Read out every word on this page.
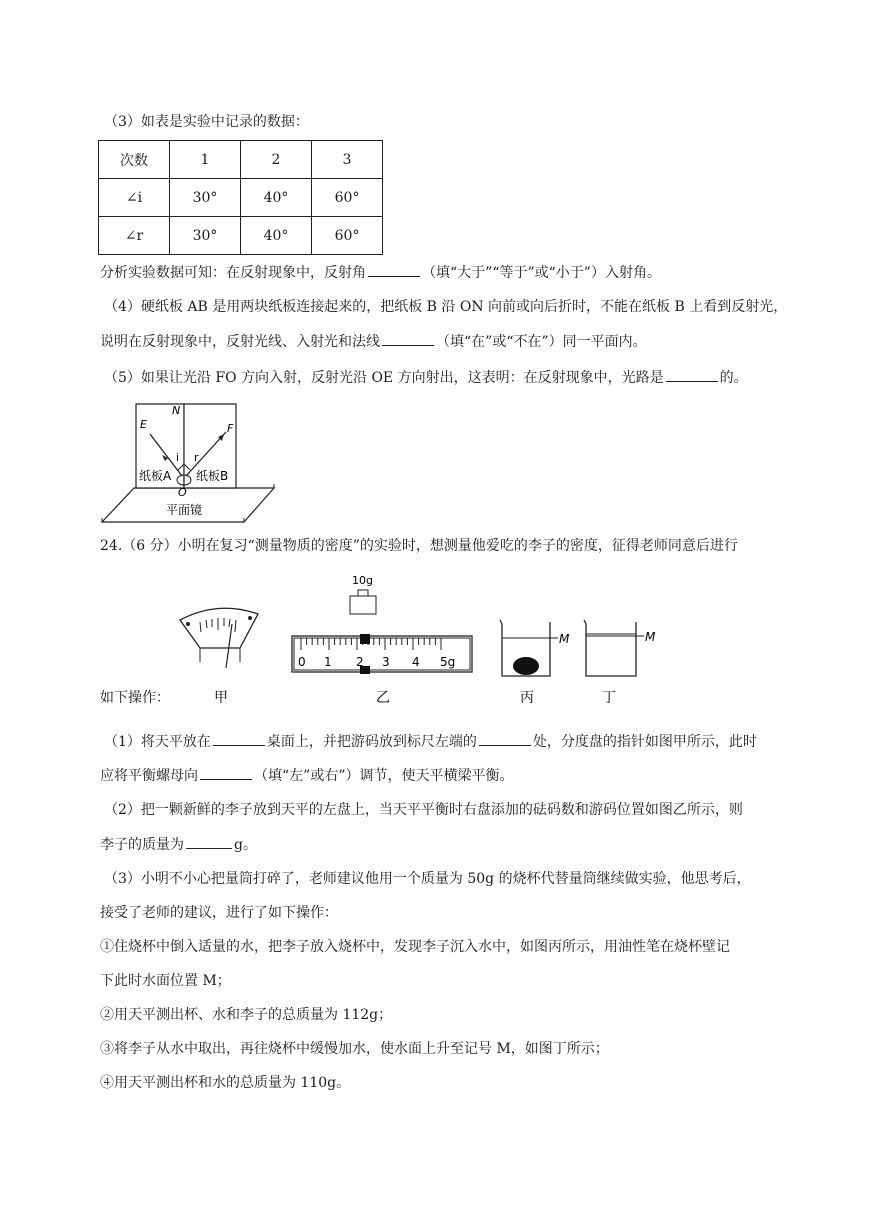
（3）如表是实验中记录的数据：
次数	1	2	3
∠i	30°	40°	60°
∠r	30°	40°	60°
分析实验数据可知：在反射现象中，反射角	（填“大于”“等于”或“小于”）入射角。
（4）硬纸板 AB 是用两块纸板连接起来的，把纸板 B 沿 ON 向前或向后折时，不能在纸板 B 上看到反射光，
说明在反射现象中，反射光线、入射光和法线	（填“在”或“不在”）同一平面内。
（5）如果让光沿 FO 方向入射，反射光沿 OE 方向射出，这表明：在反射现象中，光路是	的。
N
E	F
i r
O
纸板A 纸板B
平面镜
24.（6 分）小明在复习“测量物质的密度”的实验时，想测量他爱吃的李子的密度，征得老师同意后进行
甲
10g
0 1 2 3 4 5g
乙
M
丙
M
丁
如下操作：
（1）将天平放在	桌面上，并把游码放到标尺左端的	处，分度盘的指针如图甲所示，此时
应将平衡螺母向	（填“左”或右”）调节，使天平横梁平衡。
（2）把一颗新鲜的李子放到天平的左盘上，当天平平衡时右盘添加的砝码数和游码位置如图乙所示，则
李子的质量为	g。
（3）小明不小心把量筒打碎了，老师建议他用一个质量为 50g 的烧杯代替量筒继续做实验，他思考后，
接受了老师的建议，进行了如下操作：
①住烧杯中倒入适量的水，把李子放入烧杯中，发现李子沉入水中，如图丙所示，用油性笔在烧杯壁记
下此时水面位置 M；
②用天平测出杯、水和李子的总质量为 112g；
③将李子从水中取出，再往烧杯中缓慢加水，使水面上升至记号 M，如图丁所示；
④用天平测出杯和水的总质量为 110g。
